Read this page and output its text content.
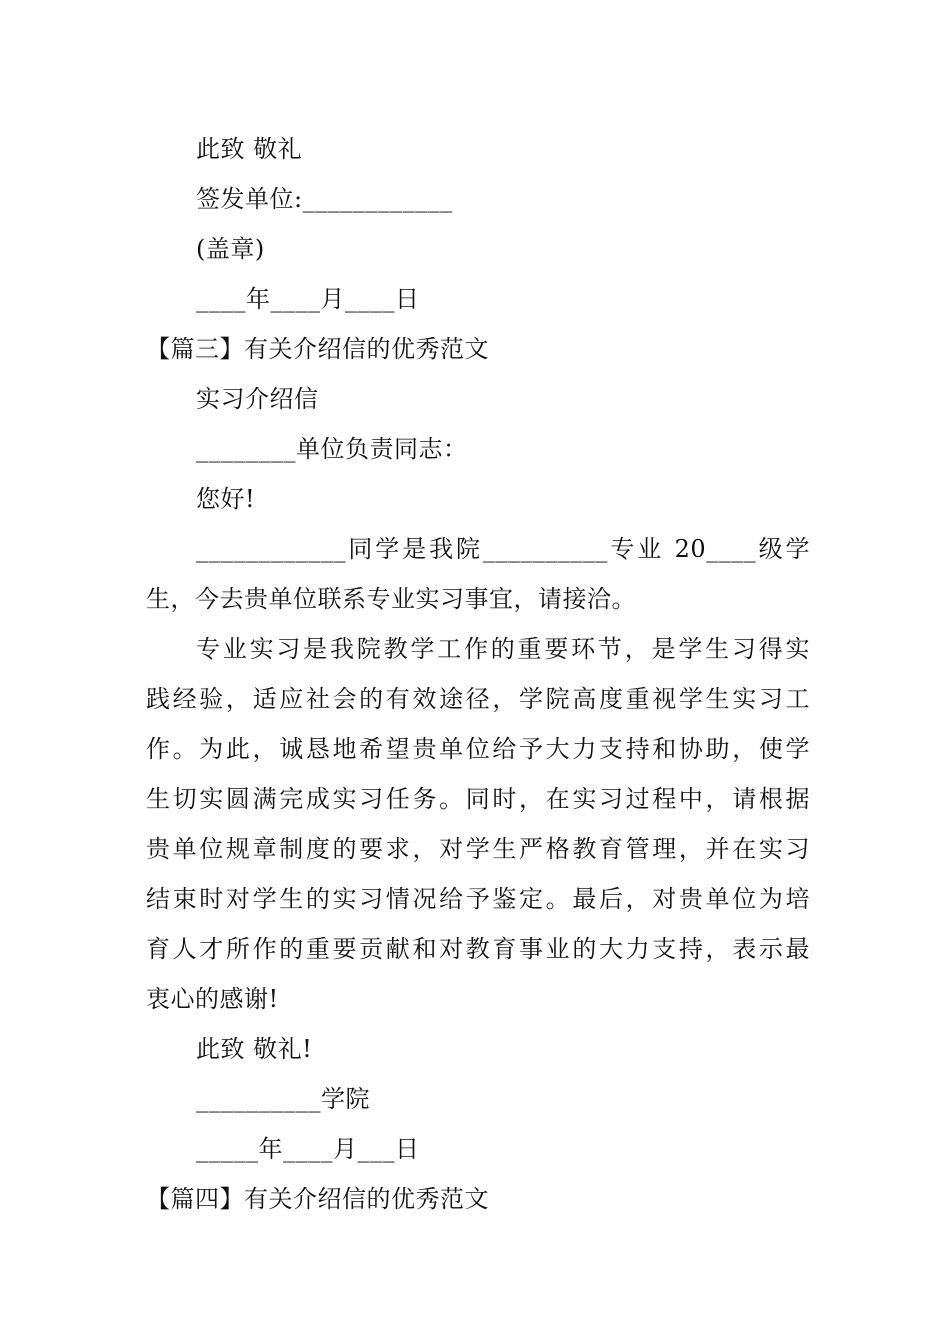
此致 敬礼
签发单位:____________
(盖章)
____年____月____日
【篇三】有关介绍信的优秀范文
实习介绍信
________单位负责同志：
您好!
____________同学是我院__________专业 20____级学
生，今去贵单位联系专业实习事宜，请接洽。
专业实习是我院教学工作的重要环节，是学生习得实
践经验，适应社会的有效途径，学院高度重视学生实习工
作。为此，诚恳地希望贵单位给予大力支持和协助，使学
生切实圆满完成实习任务。同时，在实习过程中，请根据
贵单位规章制度的要求，对学生严格教育管理，并在实习
结束时对学生的实习情况给予鉴定。最后，对贵单位为培
育人才所作的重要贡献和对教育事业的大力支持，表示最
衷心的感谢!
此致 敬礼!
__________学院
_____年____月___日
【篇四】有关介绍信的优秀范文
